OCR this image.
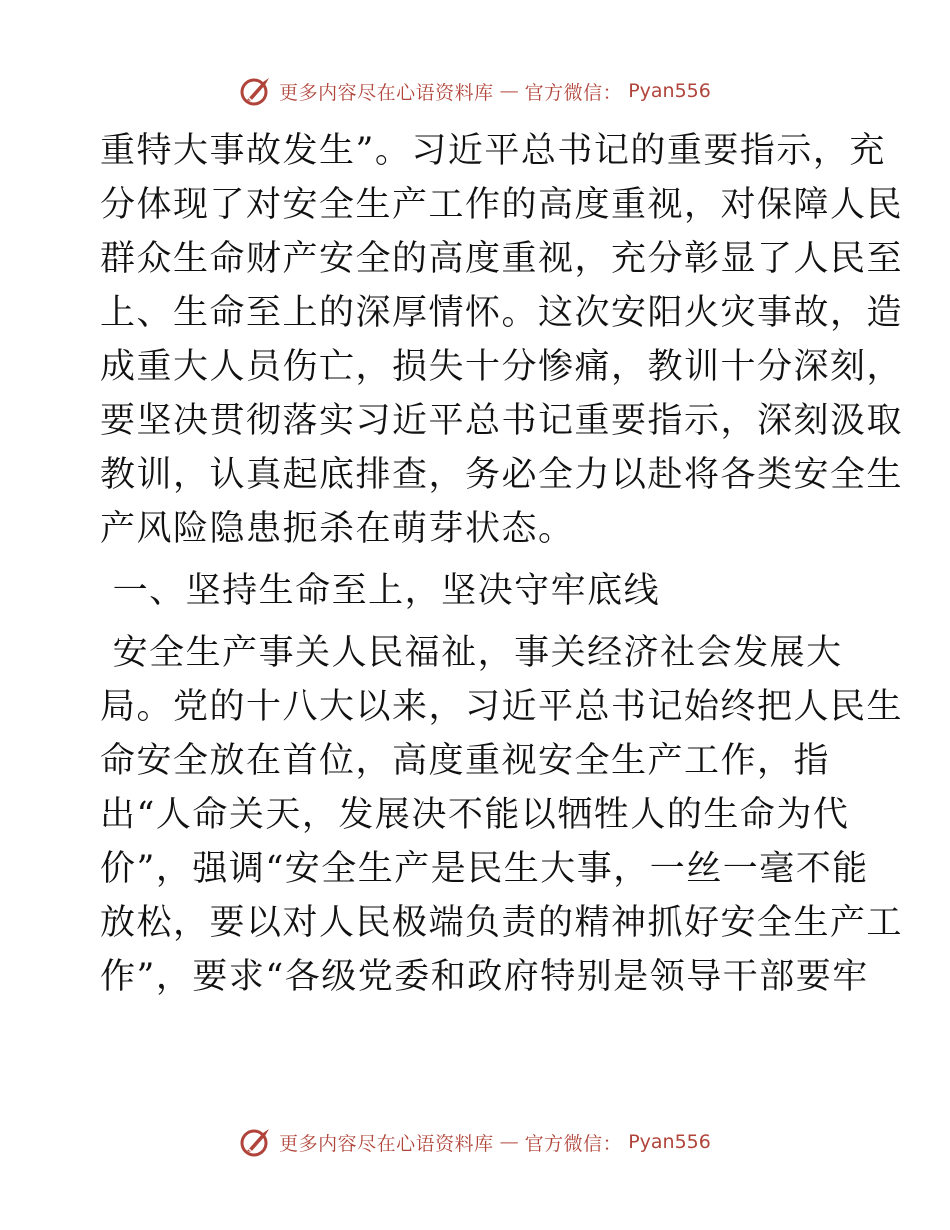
更多内容尽在心语资料库 — 官方微信： Pyan556
重特大事故发生”。习近平总书记的重要指示，充
分体现了对安全生产工作的高度重视，对保障人民
群众生命财产安全的高度重视，充分彰显了人民至
上、生命至上的深厚情怀。这次安阳火灾事故，造
成重大人员伤亡，损失十分惨痛，教训十分深刻，
要坚决贯彻落实习近平总书记重要指示，深刻汲取
教训，认真起底排查，务必全力以赴将各类安全生
产风险隐患扼杀在萌芽状态。
一、坚持生命至上，坚决守牢底线
安全生产事关人民福祉，事关经济社会发展大
局。党的十八大以来，习近平总书记始终把人民生
命安全放在首位，高度重视安全生产工作，指
出“人命关天，发展决不能以牺牲人的生命为代
价”，强调“安全生产是民生大事，一丝一毫不能
放松，要以对人民极端负责的精神抓好安全生产工
作”，要求“各级党委和政府特别是领导干部要牢
更多内容尽在心语资料库 — 官方微信： Pyan556
